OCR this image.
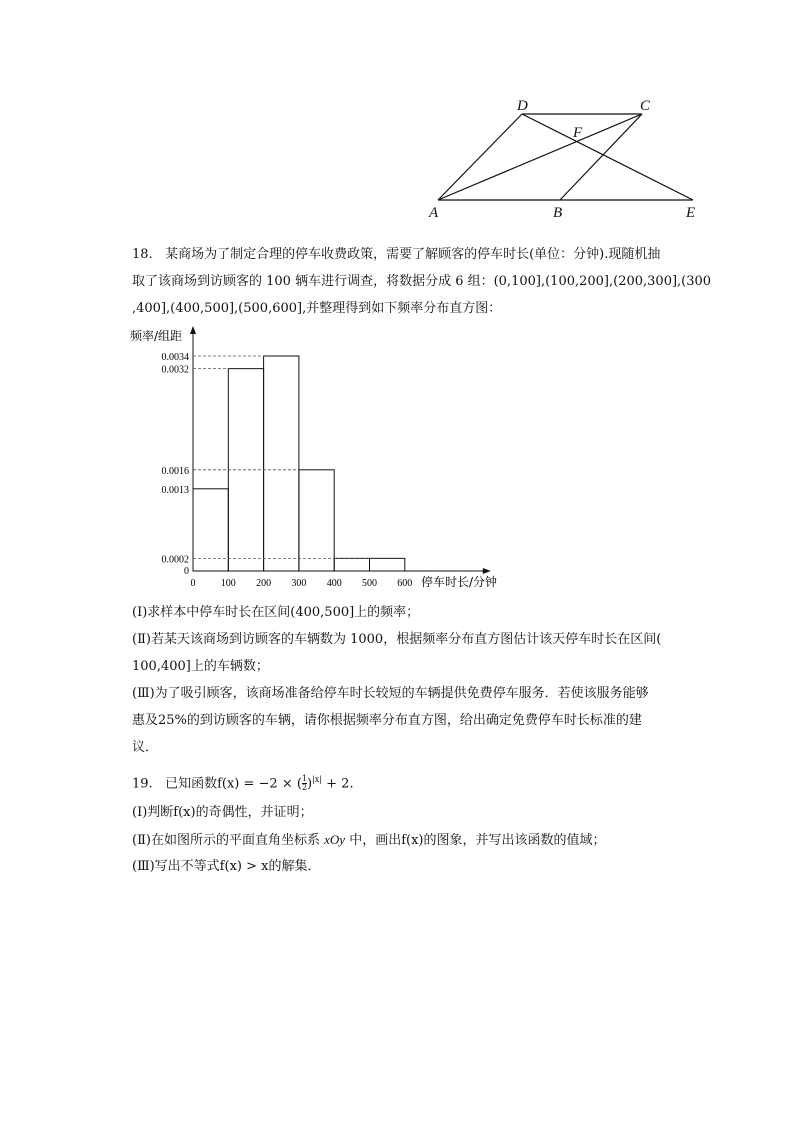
A	B
C
D
E
F
18. 某商场为了制定合理的停车收费政策，需要了解顾客的停车时长(单位：分钟).现随机抽
取了该商场到访顾客的 100 辆车进行调查，将数据分成 6 组：(0,100],(100,200],(200,300],(300
,400],(400,500],(500,600],并整理得到如下频率分布直方图：
频率/组距
停车时长/分钟
0
0.0002
0.0013
0.0016
0.0032
0.0034
0	100 200 300 400 500 600
(Ⅰ)求样本中停车时长在区间(400,500]上的频率；
(Ⅱ)若某天该商场到访顾客的车辆数为 1000，根据频率分布直方图估计该天停车时长在区间(
100,400]上的车辆数；
(Ⅲ)为了吸引顾客，该商场准备给停车时长较短的车辆提供免费停车服务．若使该服务能够
惠及25%的到访顾客的车辆，请你根据频率分布直方图，给出确定免费停车时长标准的建
议．
19. 已知函数f(x) = −2 × ( $\frac{1}{2} )^{|x|} + 2$.
(Ⅰ)判断f(x)的奇偶性，并证明；
(Ⅱ)在如图所示的平面直角坐标系 xOy 中，画出f(x)的图象，并写出该函数的值域；
(Ⅲ)写出不等式f(x) > x的解集．
